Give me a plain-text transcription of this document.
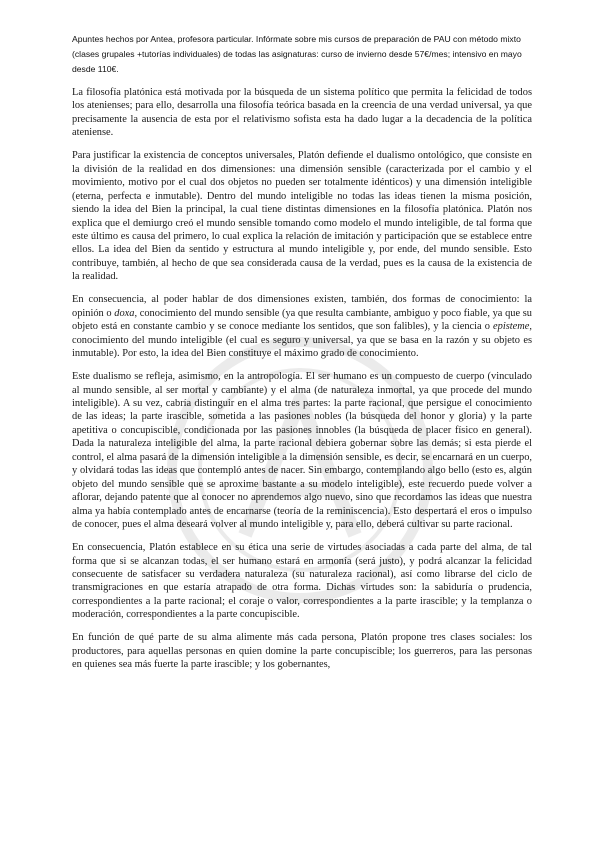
Apuntes hechos por Antea, profesora particular. Infórmate sobre mis cursos de preparación de PAU con método mixto (clases grupales +tutorías individuales) de todas las asignaturas: curso de invierno desde 57€/mes; intensivo en mayo desde 110€.

La filosofía platónica está motivada por la búsqueda de un sistema político que permita la felicidad de todos los atenienses; para ello, desarrolla una filosofía teórica basada en la creencia de una verdad universal, ya que precisamente la ausencia de esta por el relativismo sofista esta ha dado lugar a la decadencia de la política ateniense.

Para justificar la existencia de conceptos universales, Platón defiende el dualismo ontológico, que consiste en la división de la realidad en dos dimensiones: una dimensión sensible (caracterizada por el cambio y el movimiento, motivo por el cual dos objetos no pueden ser totalmente idénticos) y una dimensión inteligible (eterna, perfecta e inmutable). Dentro del mundo inteligible no todas las ideas tienen la misma posición, siendo la idea del Bien la principal, la cual tiene distintas dimensiones en la filosofía platónica. Platón nos explica que el demiurgo creó el mundo sensible tomando como modelo el mundo inteligible, de tal forma que este último es causa del primero, lo cual explica la relación de imitación y participación que se establece entre ellos. La idea del Bien da sentido y estructura al mundo inteligible y, por ende, del mundo sensible. Esto contribuye, también, al hecho de que sea considerada causa de la verdad, pues es la causa de la existencia de la realidad.

En consecuencia, al poder hablar de dos dimensiones existen, también, dos formas de conocimiento: la opinión o doxa, conocimiento del mundo sensible (ya que resulta cambiante, ambiguo y poco fiable, ya que su objeto está en constante cambio y se conoce mediante los sentidos, que son falibles), y la ciencia o episteme, conocimiento del mundo inteligible (el cual es seguro y universal, ya que se basa en la razón y su objeto es inmutable). Por esto, la idea del Bien constituye el máximo grado de conocimiento.

Este dualismo se refleja, asimismo, en la antropología. El ser humano es un compuesto de cuerpo (vinculado al mundo sensible, al ser mortal y cambiante) y el alma (de naturaleza inmortal, ya que procede del mundo inteligible). A su vez, cabría distinguir en el alma tres partes: la parte racional, que persigue el conocimiento de las ideas; la parte irascible, sometida a las pasiones nobles (la búsqueda del honor y gloria) y la parte apetitiva o concupiscible, condicionada por las pasiones innobles (la búsqueda de placer físico en general). Dada la naturaleza inteligible del alma, la parte racional debiera gobernar sobre las demás; si esta pierde el control, el alma pasará de la dimensión inteligible a la dimensión sensible, es decir, se encarnará en un cuerpo, y olvidará todas las ideas que contempló antes de nacer. Sin embargo, contemplando algo bello (esto es, algún objeto del mundo sensible que se aproxime bastante a su modelo inteligible), este recuerdo puede volver a aflorar, dejando patente que al conocer no aprendemos algo nuevo, sino que recordamos las ideas que nuestra alma ya había contemplado antes de encarnarse (teoría de la reminiscencia). Esto despertará el eros o impulso de conocer, pues el alma deseará volver al mundo inteligible y, para ello, deberá cultivar su parte racional.

En consecuencia, Platón establece en su ética una serie de virtudes asociadas a cada parte del alma, de tal forma que si se alcanzan todas, el ser humano estará en armonía (será justo), y podrá alcanzar la felicidad consecuente de satisfacer su verdadera naturaleza (su naturaleza racional), así como librarse del ciclo de transmigraciones en que estaría atrapado de otra forma. Dichas virtudes son: la sabiduría o prudencia, correspondientes a la parte racional; el coraje o valor, correspondientes a la parte irascible; y la templanza o moderación, correspondientes a la parte concupiscible.

En función de qué parte de su alma alimente más cada persona, Platón propone tres clases sociales: los productores, para aquellas personas en quien domine la parte concupiscible; los guerreros, para las personas en quienes sea más fuerte la parte irascible; y los gobernantes,
